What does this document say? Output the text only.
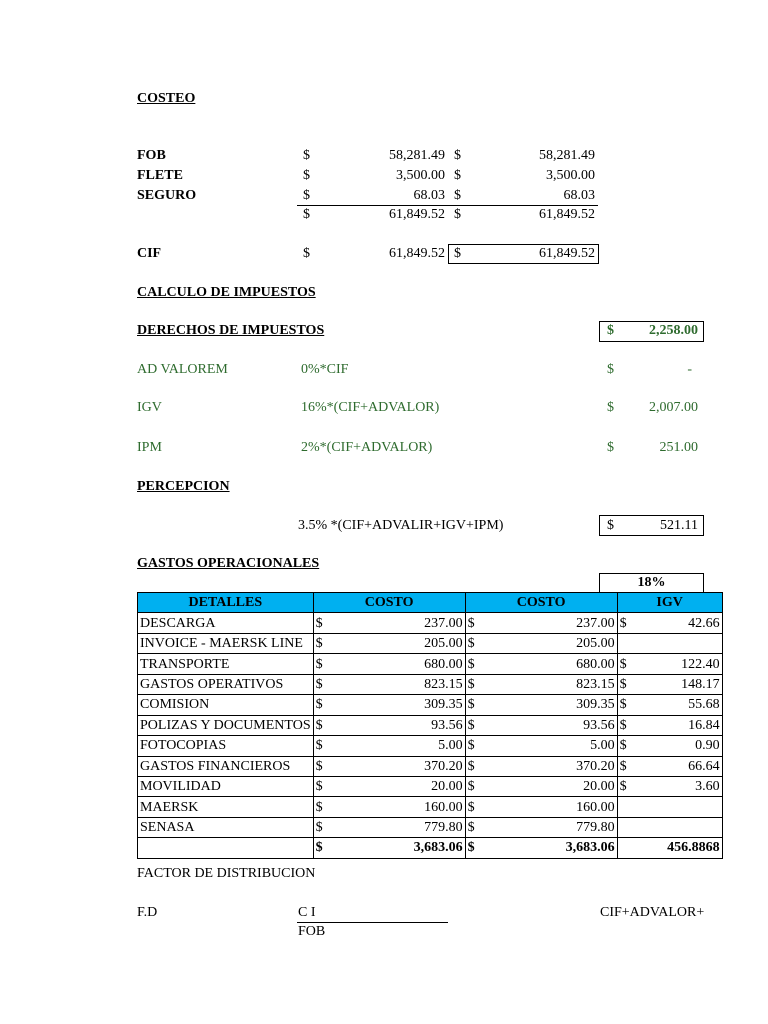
COSTEO
FOB	$	58,281.49 $	58,281.49
FLETE	$	3,500.00 $	3,500.00
SEGURO	$	68.03 $	68.03
$	61,849.52 $	61,849.52
CIF	$	61,849.52 $	61,849.52
CALCULO DE IMPUESTOS
DERECHOS DE IMPUESTOS	$	2,258.00
AD VALOREM	0%*CIF	$	-
IGV	16%*(CIF+ADVALOR)	$	2,007.00
IPM	2%*(CIF+ADVALOR)	$	251.00
PERCEPCION
3.5% *(CIF+ADVALIR+IGV+IPM)	$	521.11
GASTOS OPERACIONALES
18%
DETALLES	COSTO	COSTO	IGV
DESCARGA	$ 237.00	$ 237.00	$ 42.66

INVOICE - MAERSK LINE	$ 205.00	$ 205.00	

TRANSPORTE	$ 680.00	$ 680.00	$ 122.40

GASTOS OPERATIVOS	$ 823.15	$ 823.15	$ 148.17

COMISION	$ 309.35	$ 309.35	$ 55.68

POLIZAS Y DOCUMENTOS	$ 93.56	$ 93.56	$ 16.84

FOTOCOPIAS	$ 5.00	$ 5.00	$ 0.90

GASTOS FINANCIEROS	$ 370.20	$ 370.20	$ 66.64

MOVILIDAD	$ 20.00	$ 20.00	$ 3.60

MAERSK	$ 160.00	$ 160.00	

SENASA	$ 779.80	$ 779.80	

	$ 3,683.06	$ 3,683.06	456.8868
FACTOR DE DISTRIBUCION
F.D	C I
FOB
CIF+ADVALOR+
